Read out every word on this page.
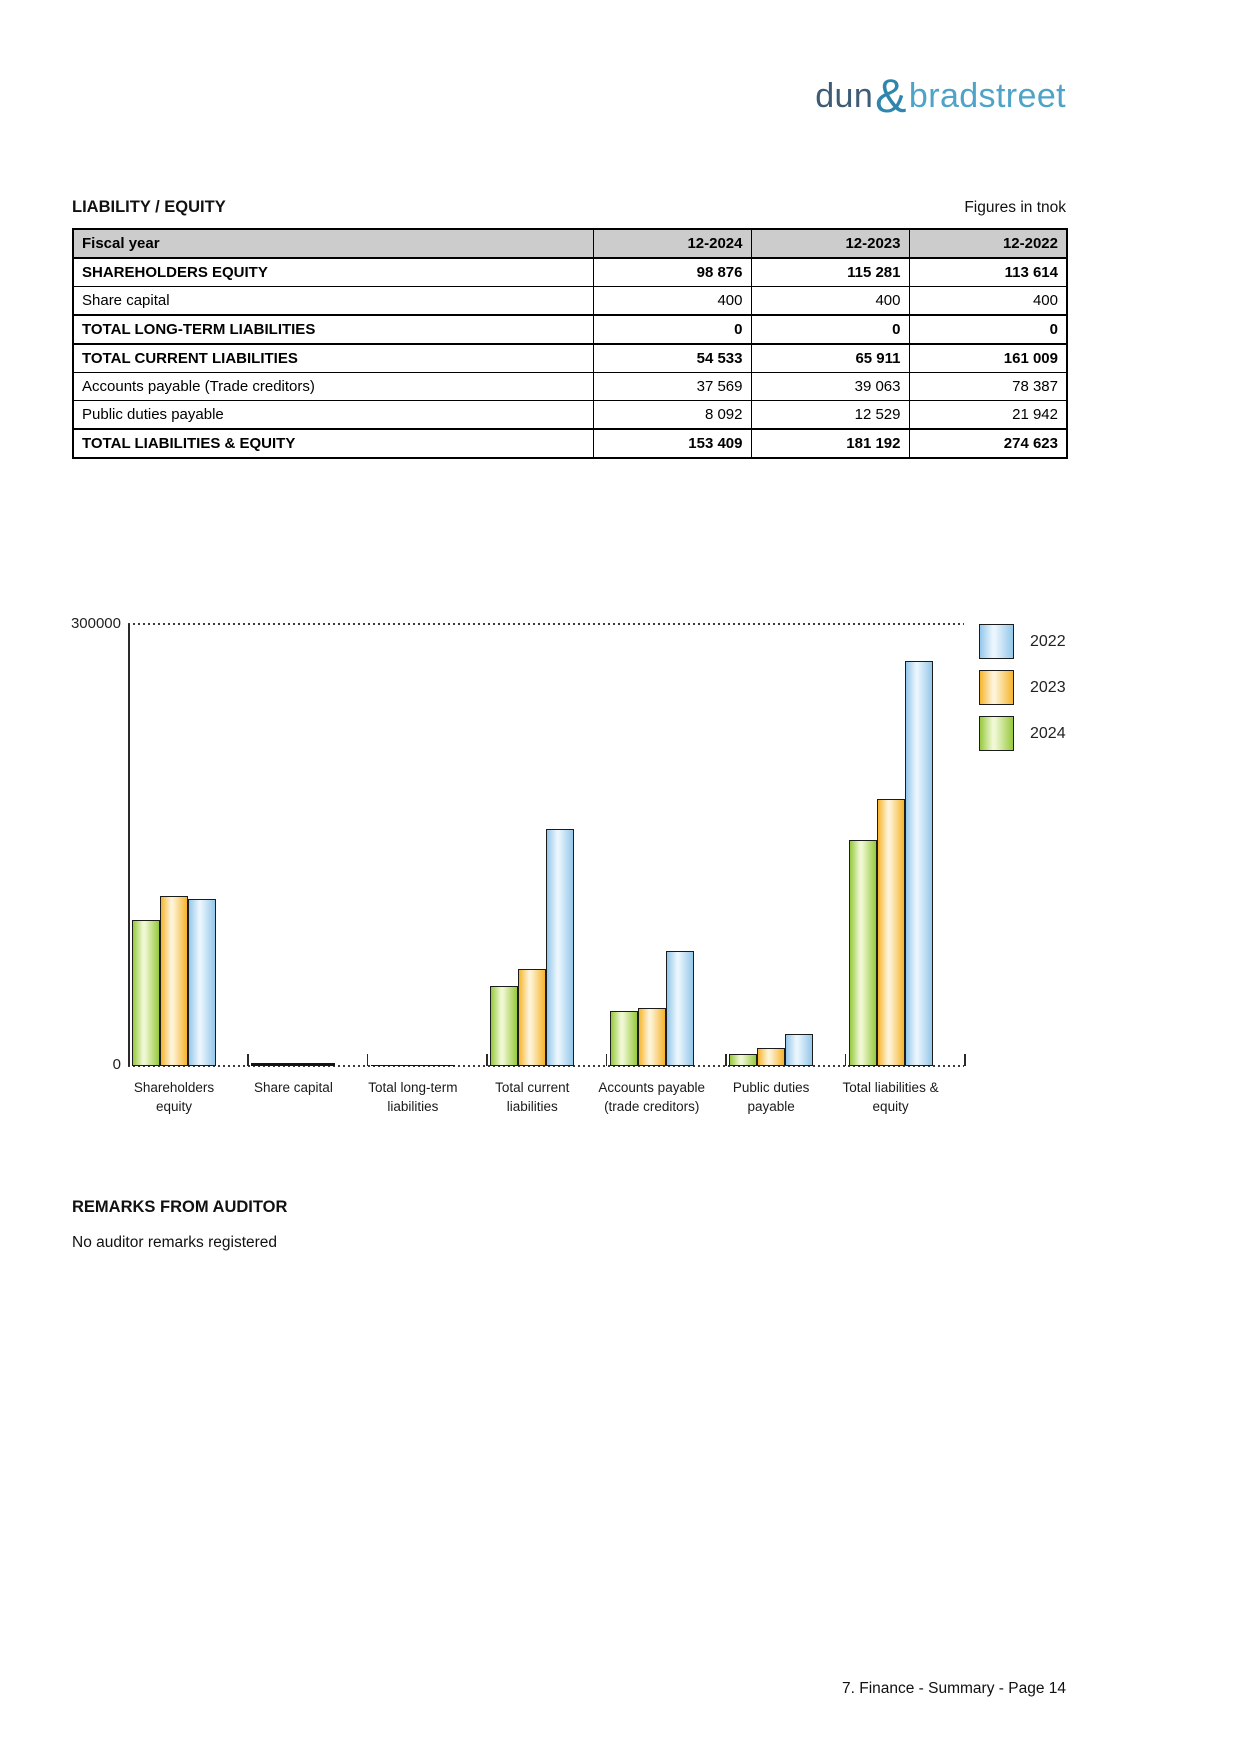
dun&bradstreet
LIABILITY / EQUITY	Figures in tnok
Fiscal year	12-2024	12-2023	12-2022
SHAREHOLDERS EQUITY	98 876	115 281	113 614
Share capital	400	400	400
TOTAL LONG-TERM LIABILITIES	0	0	0
TOTAL CURRENT LIABILITIES	54 533	65 911	161 009
Accounts payable (Trade creditors)	37 569	39 063	78 387
Public duties payable	8 092	12 529	21 942
TOTAL LIABILITIES & EQUITY	153 409	181 192	274 623
300000
0
Shareholders
equity
Share capital	Total long-term
liabilities
Total current
liabilities
Accounts payable
(trade creditors)
Public duties
payable
Total liabilities &
equity
2022
2023
2024
REMARKS FROM AUDITOR
No auditor remarks registered
7. Finance - Summary - Page 14
